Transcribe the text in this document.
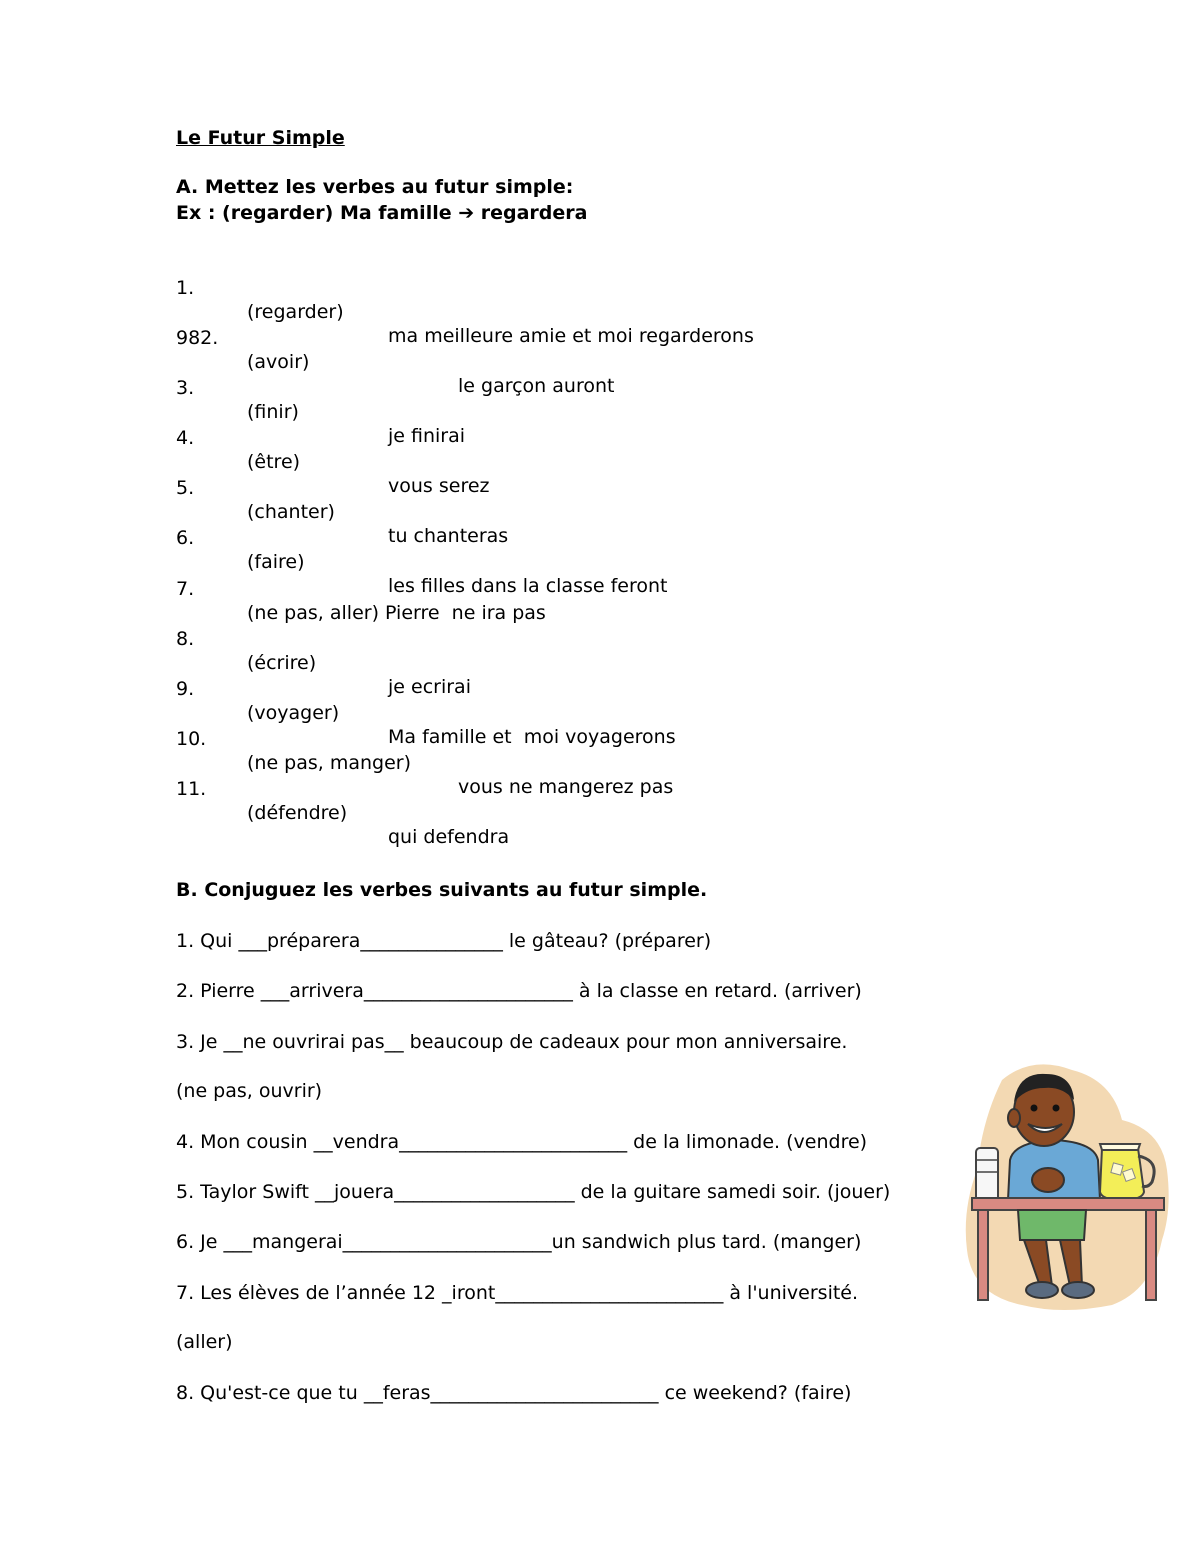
Le Futur Simple
A. Mettez les verbes au futur simple:
Ex : (regarder) Ma famille ➔ regardera

1.

(regarder)

ma meilleure amie et moi regarderons

982.

(avoir)

le garçon auront

3.

(finir)

je finirai

4.

(être)

vous serez

5.

(chanter)

tu chanteras

6.

(faire)

les filles dans la classe feront

7.

(ne pas, aller) Pierre  ne ira pas

8.

(écrire)

je ecrirai

9.

(voyager)

Ma famille et  moi voyagerons

10.

(ne pas, manger)

vous ne mangerez pas

11.

(défendre)

qui defendra

B. Conjuguez les verbes suivants au futur simple.
1. Qui ___préparera_______________ le gâteau? (préparer)
2. Pierre ___arrivera______________________ à la classe en retard. (arriver)
3. Je __ne ouvrirai pas__ beaucoup de cadeaux pour mon anniversaire.
(ne pas, ouvrir)
4. Mon cousin __vendra________________________ de la limonade. (vendre)
5. Taylor Swift __jouera___________________ de la guitare samedi soir. (jouer)
6. Je ___mangerai______________________un sandwich plus tard. (manger)
7. Les élèves de l’année 12 _iront________________________ à l'université.
(aller)
8. Qu'est-ce que tu __feras________________________ ce weekend? (faire)
